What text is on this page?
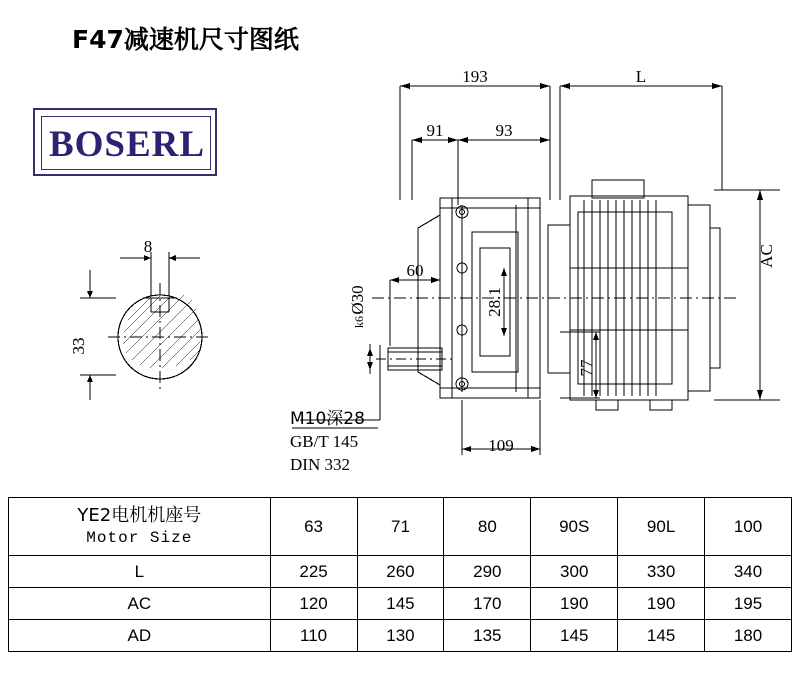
F47减速机尺寸图纸
BOSERL
193	L
91	93
60
109
8
33
Ø30
k6
28.1
77
AC
M10深28
GB/T 145
DIN 332
YE2电机机座号
Motor Size	63	71	80	90S	90L	100
L	225	260	290	300	330	340
AC	120	145	170	190	190	195
AD	110	130	135	145	145	180
